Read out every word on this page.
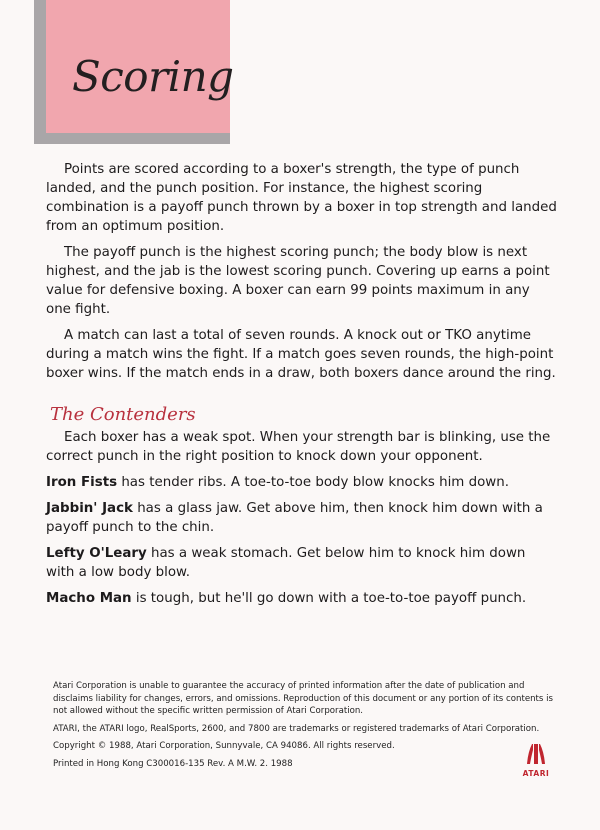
Scoring

Points are scored according to a boxer's strength, the type of punch landed, and the punch position. For instance, the highest scoring combination is a payoff punch thrown by a boxer in top strength and landed from an optimum position.

The payoff punch is the highest scoring punch; the body blow is next highest, and the jab is the lowest scoring punch. Covering up earns a point value for defensive boxing. A boxer can earn 99 points maximum in any one fight.

A match can last a total of seven rounds. A knock out or TKO anytime during a match wins the fight. If a match goes seven rounds, the high-point boxer wins. If the match ends in a draw, both boxers dance around the ring.

The Contenders

Each boxer has a weak spot. When your strength bar is blinking, use the correct punch in the right position to knock down your opponent.

Iron Fists has tender ribs. A toe-to-toe body blow knocks him down.

Jabbin' Jack has a glass jaw. Get above him, then knock him down with a payoff punch to the chin.

Lefty O'Leary has a weak stomach. Get below him to knock him down with a low body blow.

Macho Man is tough, but he'll go down with a toe-to-toe payoff punch.

Atari Corporation is unable to guarantee the accuracy of printed information after the date of publication and disclaims liability for changes, errors, and omissions. Reproduction of this document or any portion of its contents is not allowed without the specific written permission of Atari Corporation.

ATARI, the ATARI logo, RealSports, 2600, and 7800 are trademarks or registered trademarks of Atari Corporation.

Copyright © 1988, Atari Corporation, Sunnyvale, CA 94086. All rights reserved.

Printed in Hong Kong C300016-135 Rev. A M.W. 2. 1988

ATARI
